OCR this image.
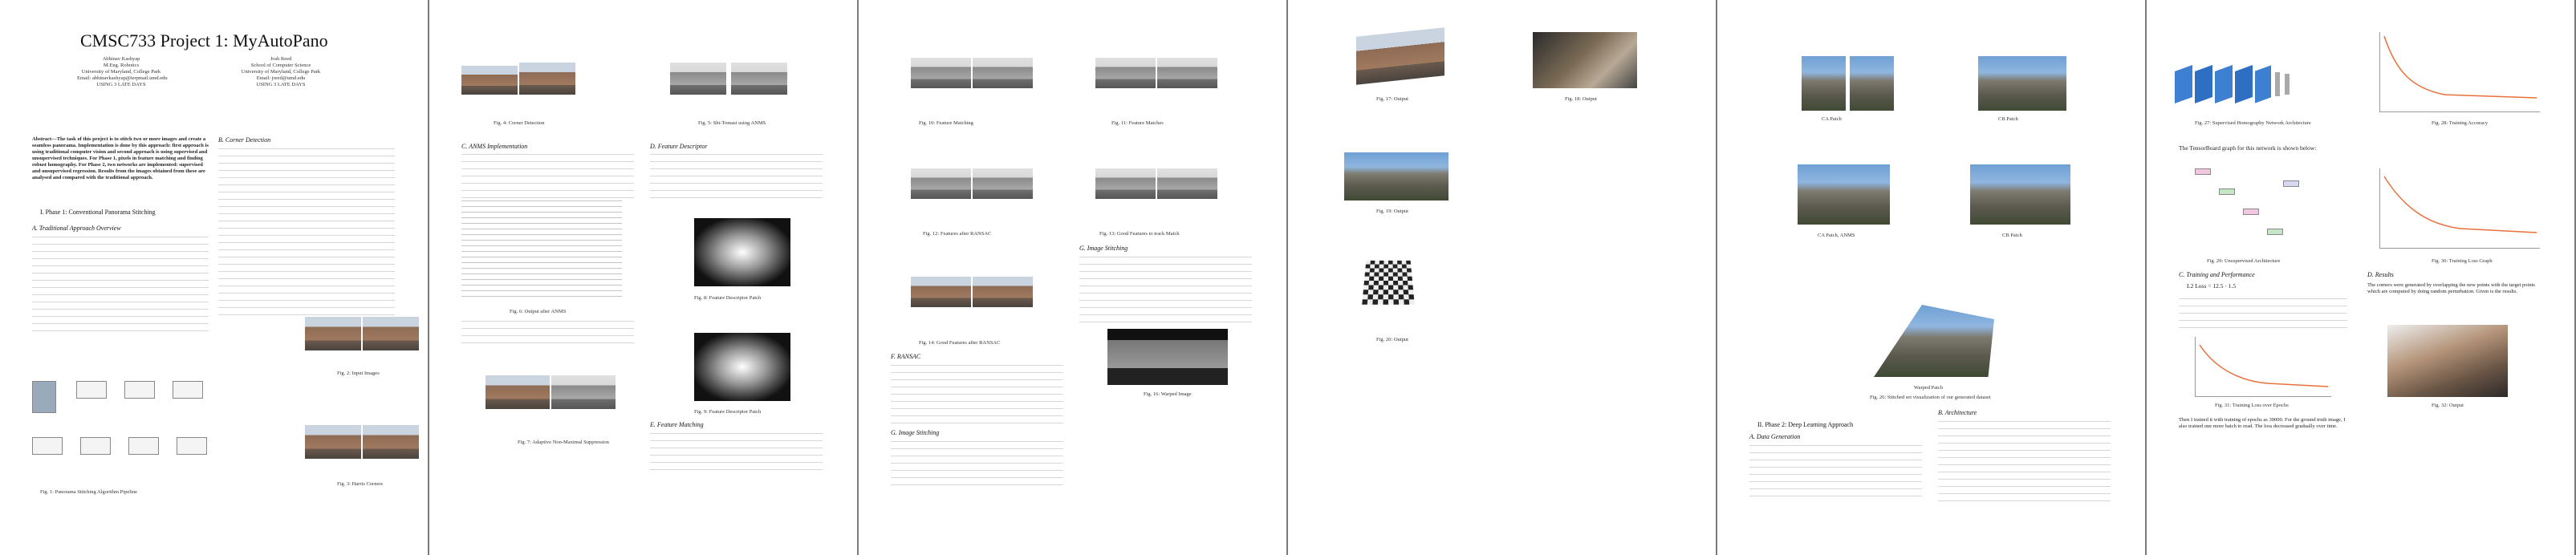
CMSC733 Project 1: MyAutoPano
Abhinav Kashyap
M.Eng. Robotics
University of Maryland, College Park
Email: abhinavkashyap@terpmail.umd.edu
USING 3 LATE DAYS
Josh Reed
School of Computer Science
University of Maryland, College Park
Email: jreed@umd.edu
USING 3 LATE DAYS
Abstract—The task of this project is to stitch two or more images and create a seamless panorama. Implementation is done by this approach: first approach is using traditional computer vision and second approach is using supervised and unsupervised techniques. For Phase 1, pixels in feature matching and finding robust homography. For Phase 2, two networks are implemented: supervised and unsupervised regression. Results from the images obtained from these are analysed and compared with the traditional approach.
I. Phase 1: Conventional Panorama Stitching
A. Traditional Approach Overview
B. Corner Detection
Fig. 1: Panorama Stitching Algorithm Pipeline
Fig. 2: Input Images
Fig. 3: Harris Corners
Fig. 4: Corner Detection	Fig. 5: Shi-Tomasi using ANMS
C. ANMS Implementation
Fig. 6: Output after ANMS
Fig. 7: Adaptive Non-Maximal Suppression
D. Feature Descriptor
Fig. 8: Feature Descriptor Patch
Fig. 9: Feature Descriptor Patch
E. Feature Matching
Fig. 10: Feature Matching	Fig. 11: Feature Matches
Fig. 12: Features after RANSAC	Fig. 13: Good Features to track Match
Fig. 14: Good Features after RANSAC
F. RANSAC
G. Image Stitching
G. Image Stitching
Fig. 16: Warped Image
Fig. 17: Output	Fig. 18: Output
Fig. 19: Output
Fig. 20: Output
CA Patch	CB Patch
CA Patch, ANMS	CB Patch
Warped Patch
Fig. 26: Stitched set visualization of our generated dataset
II. Phase 2: Deep Learning Approach
A. Data Generation
B. Architecture
Fig. 27: Supervised Homography Network Architecture	Fig. 28: Training Accuracy
The TensorBoard graph for this network is shown below:
Fig. 29: Unsupervised Architecture	Fig. 30: Training Loss Graph
C. Training and Performance
L2 Loss = 12.5 · 1.5
Fig. 31: Training Loss over Epochs
Then I trained it with training of epochs as 30000. For the ground truth image, I also trained one more batch to read. The loss decreased gradually over time.
D. Results
The corners were generated by overlapping the new points with the target points which are computed by doing random perturbation. Given is the results.
Fig. 32: Output
